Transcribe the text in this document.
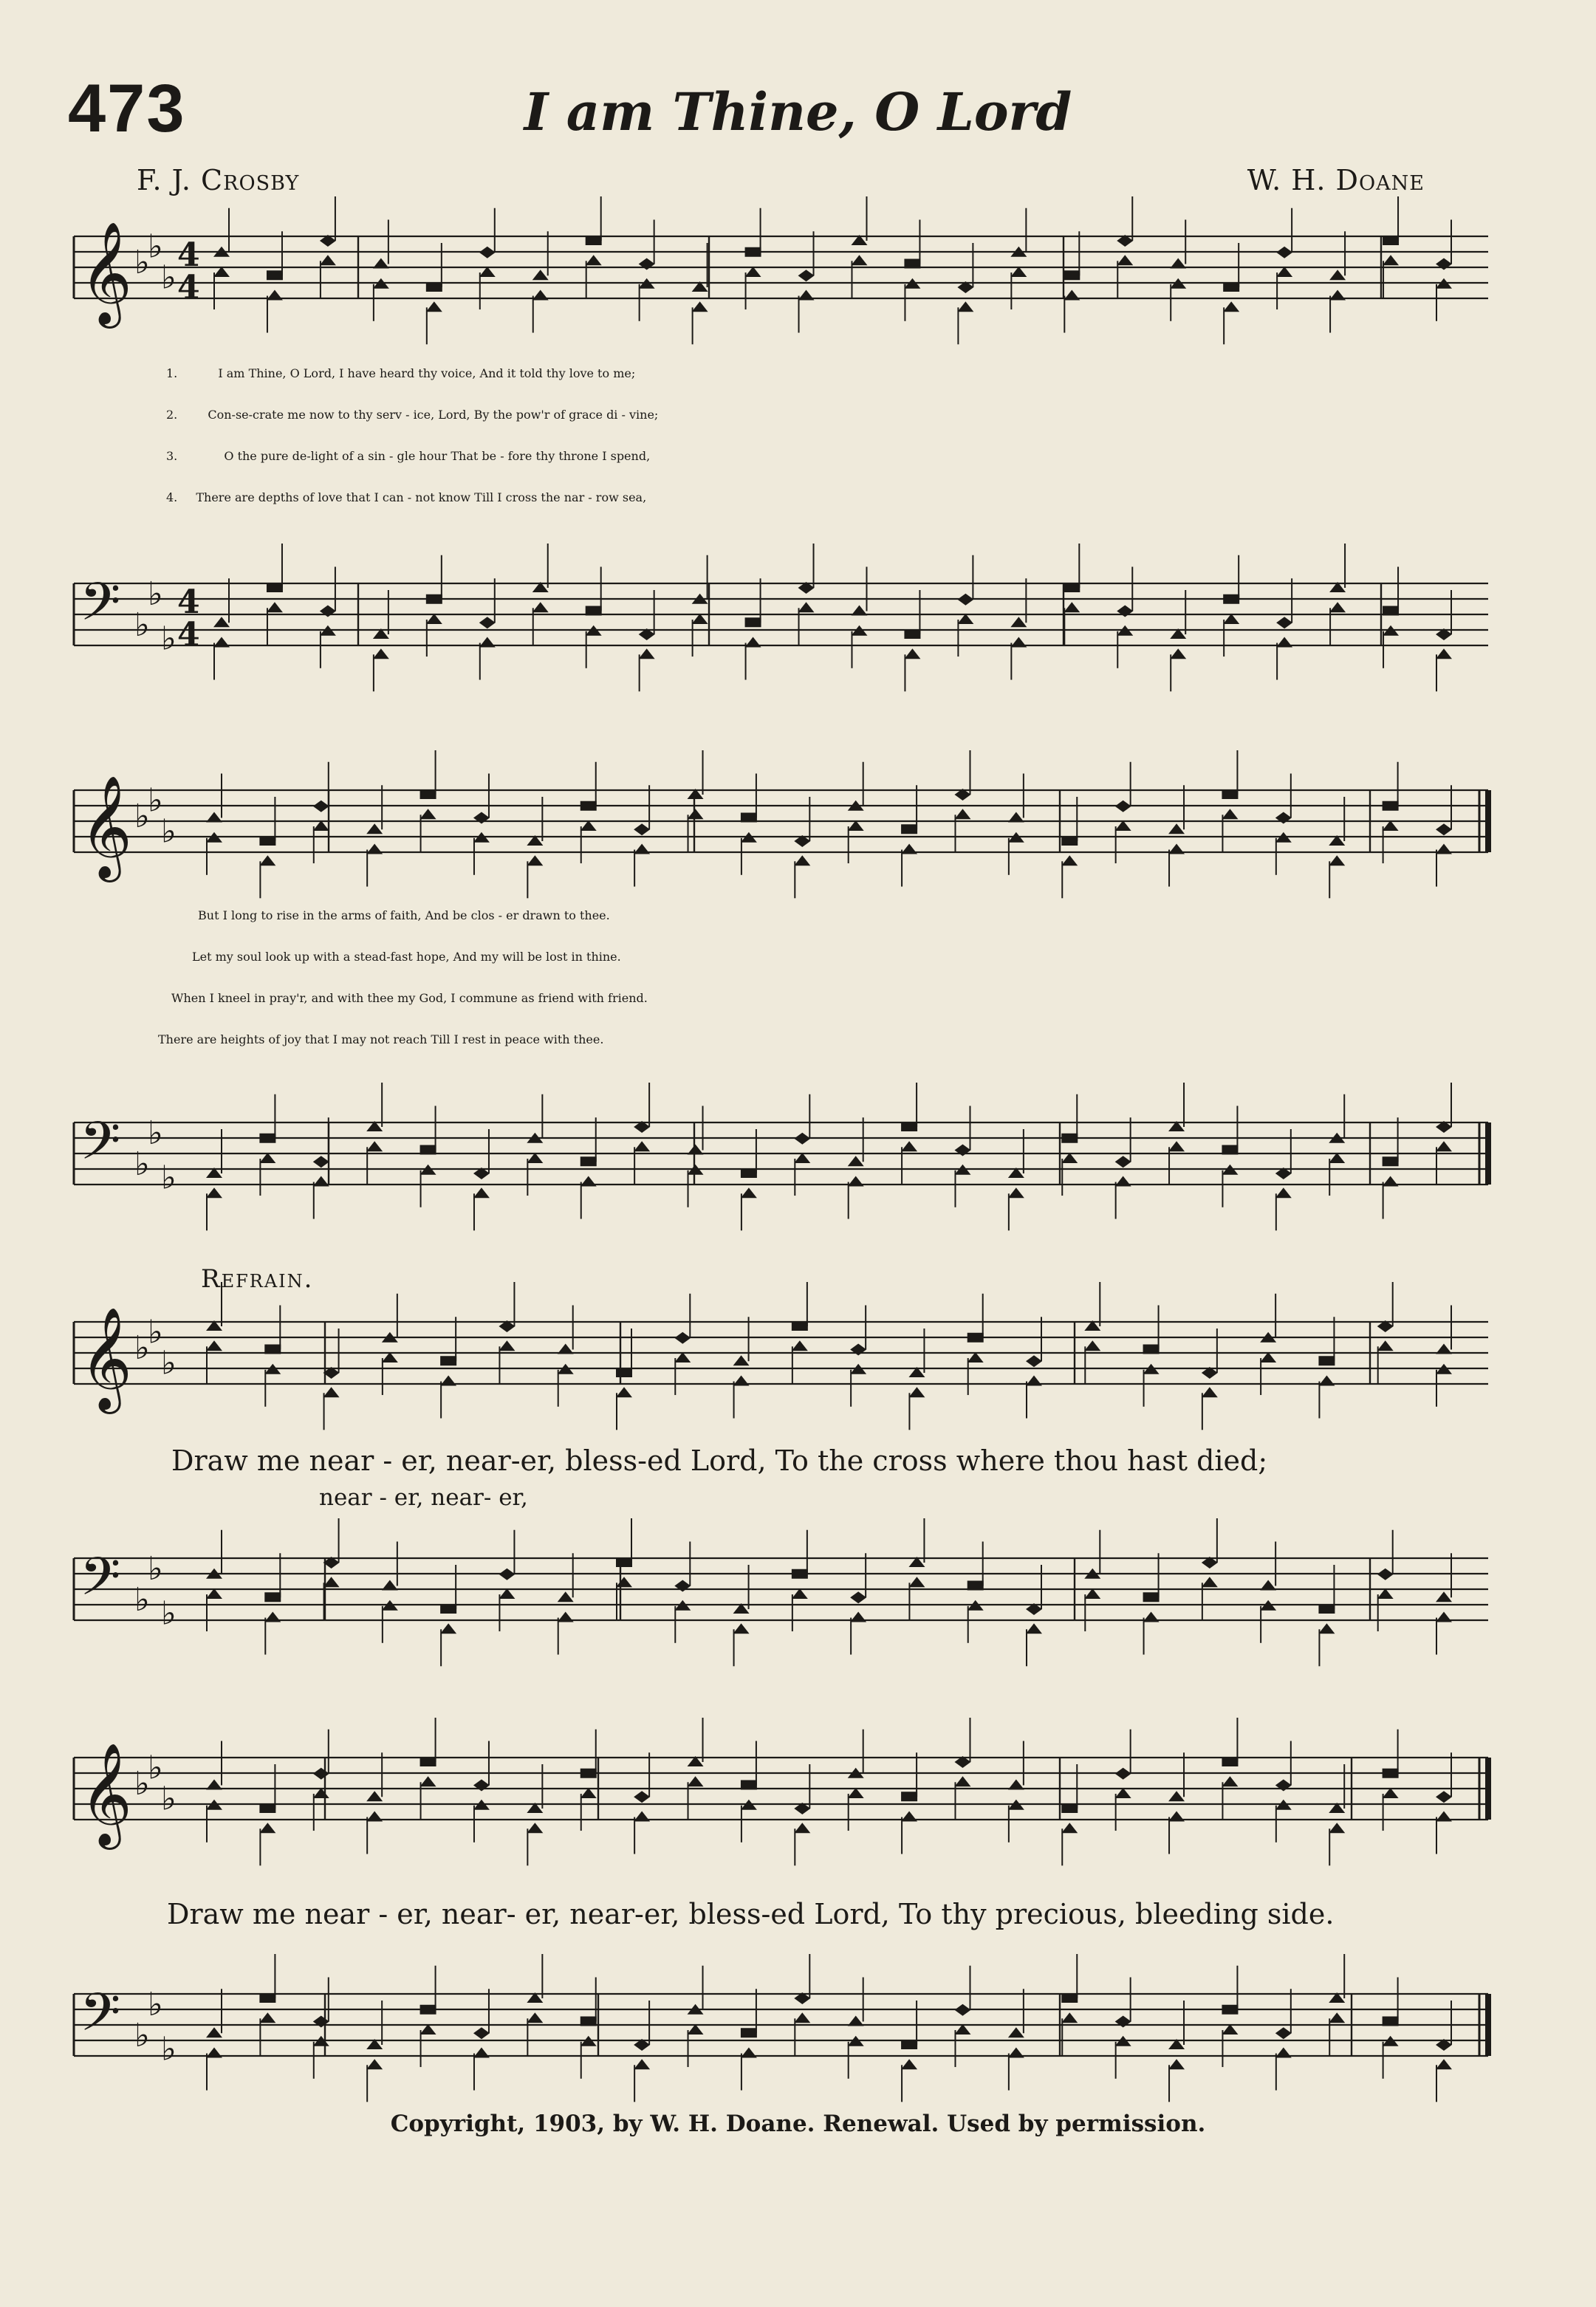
473	I am Thine, O Lord
F. J. Crosby	W. H. Doane
𝄞 ♭
♭
♭
4
4
𝄢 ♭
♭
♭
4
4
𝄞 ♭
♭
♭
𝄢 ♭
♭
♭
𝄞 ♭
♭
♭
𝄢 ♭
♭
♭
𝄞 ♭
♭
♭
𝄢 ♭
♭
♭
1.	I am Thine, O Lord, I have heard thy voice, And it told thy love to me;
2.	Con-se-crate me now to thy serv - ice, Lord, By the pow'r of grace di - vine;
3.	O the pure de-light of a sin - gle hour That be - fore thy throne I spend,
4. There are depths of love that I can - not know Till I cross the nar - row sea,
But I long to rise in the arms of faith, And be clos - er drawn to thee.
Let my soul look up with a stead-fast hope, And my will be lost in thine.
When I kneel in pray'r, and with thee my God, I commune as friend with friend.
There are heights of joy that I may not reach Till I rest in peace with thee.
Refrain.
Draw me near - er, near-er, bless-ed Lord, To the cross where thou hast died;
near - er, near- er,
Draw me near - er, near- er, near-er, bless-ed Lord, To thy precious, bleeding side.
Copyright, 1903, by W. H. Doane. Renewal. Used by permission.
